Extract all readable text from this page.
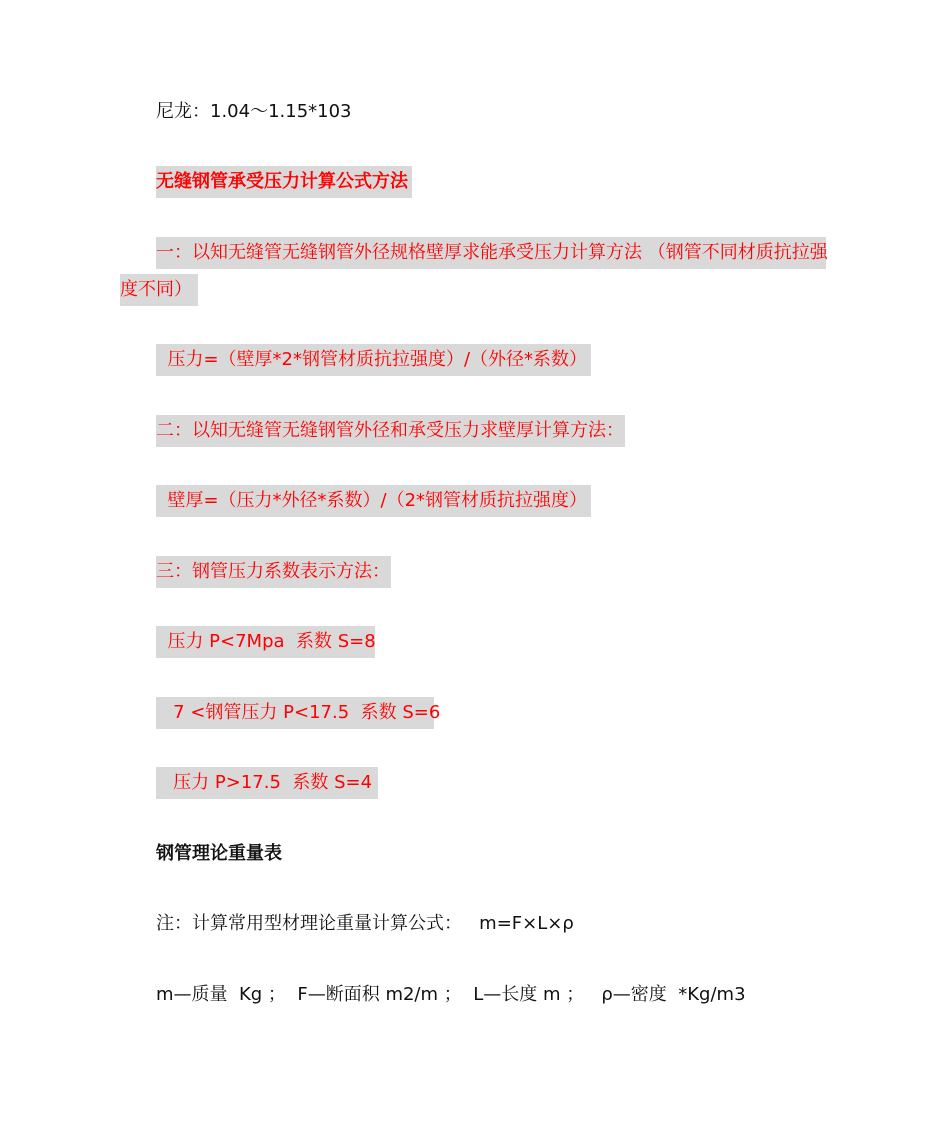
尼龙：1.04～1.15*103
无缝钢管承受压力计算公式方法
一：以知无缝管无缝钢管外径规格壁厚求能承受压力计算方法 （钢管不同材质抗拉强
度不同）
压力=（壁厚*2*钢管材质抗拉强度）/（外径*系数）
二：以知无缝管无缝钢管外径和承受压力求壁厚计算方法：
壁厚=（压力*外径*系数）/（2*钢管材质抗拉强度）
三：钢管压力系数表示方法：
压力 P<7Mpa  系数 S=8
7 <钢管压力 P<17.5  系数 S=6
压力 P>17.5  系数 S=4
钢管理论重量表
注：计算常用型材理论重量计算公式：   m=F×L×ρ
m—质量  Kg ；  F—断面积 m2/m ；  L—长度 m ；   ρ—密度  *Kg/m3
